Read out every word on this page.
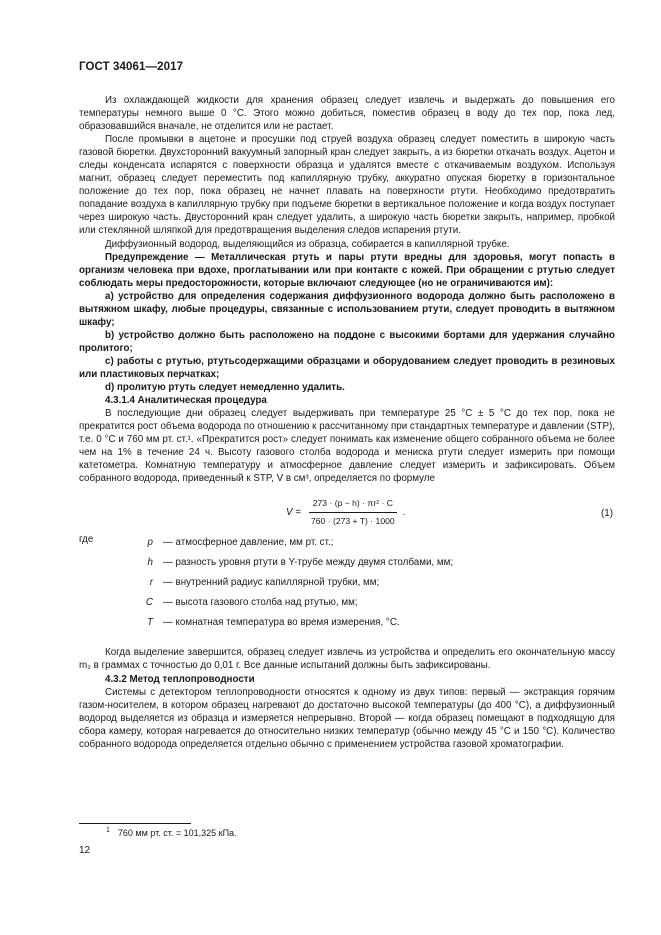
ГОСТ 34061—2017

Из охлаждающей жидкости для хранения образец следует извлечь и выдержать до повышения его температуры немного выше 0 °С. Этого можно добиться, поместив образец в воду до тех пор, пока лед, образовавшийся вначале, не отделится или не растает.

После промывки в ацетоне и просушки под струей воздуха образец следует поместить в широкую часть газовой бюретки. Двухсторонний вакуумный запорный кран следует закрыть, а из бюретки откачать воздух. Ацетон и следы конденсата испарятся с поверхности образца и удалятся вместе с откачиваемым воздухом. Используя магнит, образец следует переместить под капиллярную трубку, аккуратно опуская бюретку в горизонтальное положение до тех пор, пока образец не начнет плавать на поверхности ртути. Необходимо предотвратить попадание воздуха в капиллярную трубку при подъеме бюретки в вертикальное положение и когда воздух поступает через широкую часть. Двусторонний кран следует удалить, а широкую часть бюретки закрыть, например, пробкой или стеклянной шляпкой для предотвращения выделения следов испарения ртути.

Диффузионный водород, выделяющийся из образца, собирается в капиллярной трубке.

Предупреждение — Металлическая ртуть и пары ртути вредны для здоровья, могут попасть в организм человека при вдохе, проглатывании или при контакте с кожей. При обращении с ртутью следует соблюдать меры предосторожности, которые включают следующее (но не ограничиваются им):

а) устройство для определения содержания диффузионного водорода должно быть расположено в вытяжном шкафу, любые процедуры, связанные с использованием ртути, следует проводить в вытяжном шкафу;

b) устройство должно быть расположено на поддоне с высокими бортами для удержания случайно пролитого;

с) работы с ртутью, ртутьсодержащими образцами и оборудованием следует проводить в резиновых или пластиковых перчатках;

d) пролитую ртуть следует немедленно удалить.

4.3.1.4 Аналитическая процедура

В последующие дни образец следует выдерживать при температуре 25 °С ± 5 °С до тех пор, пока не прекратится рост объема водорода по отношению к рассчитанному при стандартных температуре и давлении (STP), т.е. 0 °С и 760 мм рт. ст.¹. «Прекратится рост» следует понимать как изменение общего собранного объема не более чем на 1% в течение 24 ч. Высоту газового столба водорода и мениска ртути следует измерить при помощи катетометра. Комнатную температуру и атмосферное давление следует измерить и зафиксировать. Объем собранного водорода, приведенный к STP, V в см³, определяется по формуле

$V = \frac{\text{273 · (p − h) · πr² · C}}{760 \cdot (273 + T) \cdot 1000}$ .	(1)
где	p	— атмосферное давление, мм рт. ст.;
h	— разность уровня ртути в Y-трубе между двумя столбами, мм;
r	— внутренний радиус капиллярной трубки, мм;
C	— высота газового столба над ртутью, мм;
T	— комнатная температура во время измерения, °С.

Когда выделение завершится, образец следует извлечь из устройства и определить его окончательную массу m₂ в граммах с точностью до 0,01 г. Все данные испытаний должны быть зафиксированы.

4.3.2 Метод теплопроводности

Системы с детектором теплопроводности относятся к одному из двух типов: первый — экстракция горячим газом-носителем, в котором образец нагревают до достаточно высокой температуры (до 400 °С), а диффузионный водород выделяется из образца и измеряется непрерывно. Второй — когда образец помещают в подходящую для сбора камеру, которая нагревается до относительно низких температур (обычно между 45 °С и 150 °С). Количество собранного водорода определяется отдельно обычно с применением устройства газовой хроматографии.

$^1$ 760 мм рт. ст. = 101,325 кПа.
12
